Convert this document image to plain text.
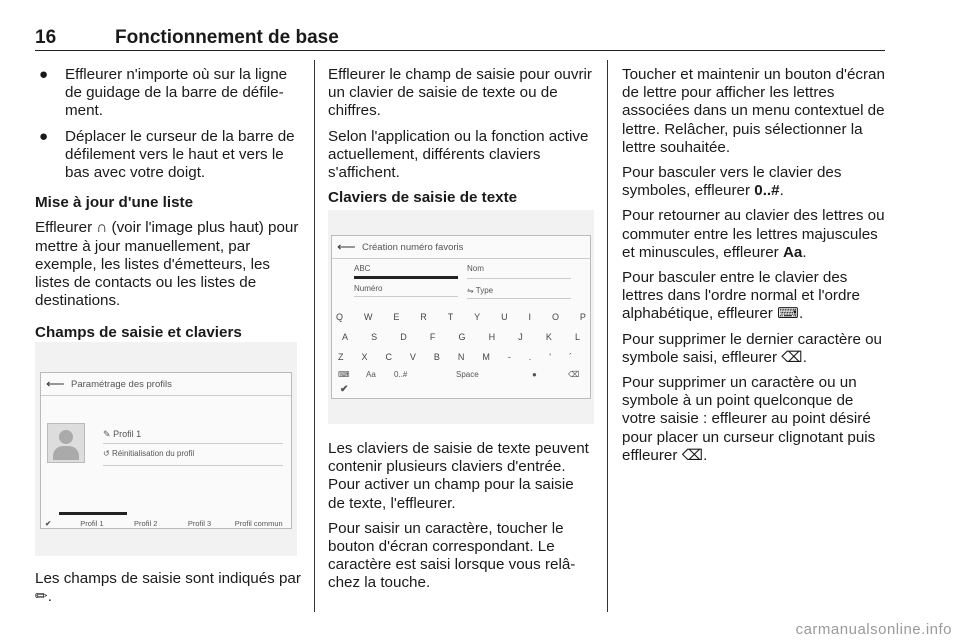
16	Fonctionnement de base
● Effleurer n'importe où sur la ligne de guidage de la barre de défilement.
● Déplacer le curseur de la barre de défilement vers le haut et vers le bas avec votre doigt.

Mise à jour d'une liste

Effleurer ∩ (voir l'image plus haut) pour mettre à jour manuellement, par exemple, les listes d'émetteurs, les listes de contacts ou les listes de destinations.

Champs de saisie et claviers

⟵ Paramétrage des profils
✎ Profil 1
↺ Réinitialisation du profil
✔	Profil 1	Profil 2	Profil 3	Profil commun
Les champs de saisie sont indiqués par ✏.

Effleurer le champ de saisie pour ouvrir un clavier de saisie de texte ou de chiffres.

Selon l'application ou la fonction active actuellement, différents claviers s'affichent.

Claviers de saisie de texte

⟵ Création numéro favoris
ABC	Nom
Numéro	⇋ Type
Q W E R T Y U I O P
A	S	D	F	G	H	J	K	L
Z X C V B N M - . ' ´
⌨ Aa 0..#	Space	●	⌫
✔

Les claviers de saisie de texte peuvent contenir plusieurs claviers d'entrée. Pour activer un champ pour la saisie de texte, l'effleurer.

Pour saisir un caractère, toucher le bouton d'écran correspondant. Le caractère est saisi lorsque vous relâchez la touche.

Toucher et maintenir un bouton d'écran de lettre pour afficher les lettres associées dans un menu contextuel de lettre. Relâcher, puis sélectionner la lettre souhaitée.

Pour basculer vers le clavier des symboles, effleurer 0..#.

Pour retourner au clavier des lettres ou commuter entre les lettres majuscules et minuscules, effleurer Aa.

Pour basculer entre le clavier des lettres dans l'ordre normal et l'ordre alphabétique, effleurer ⌨.

Pour supprimer le dernier caractère ou symbole saisi, effleurer ⌫.

Pour supprimer un caractère ou un symbole à un point quelconque de votre saisie : effleurer au point désiré pour placer un curseur clignotant puis effleurer ⌫.

carmanualsonline.info
